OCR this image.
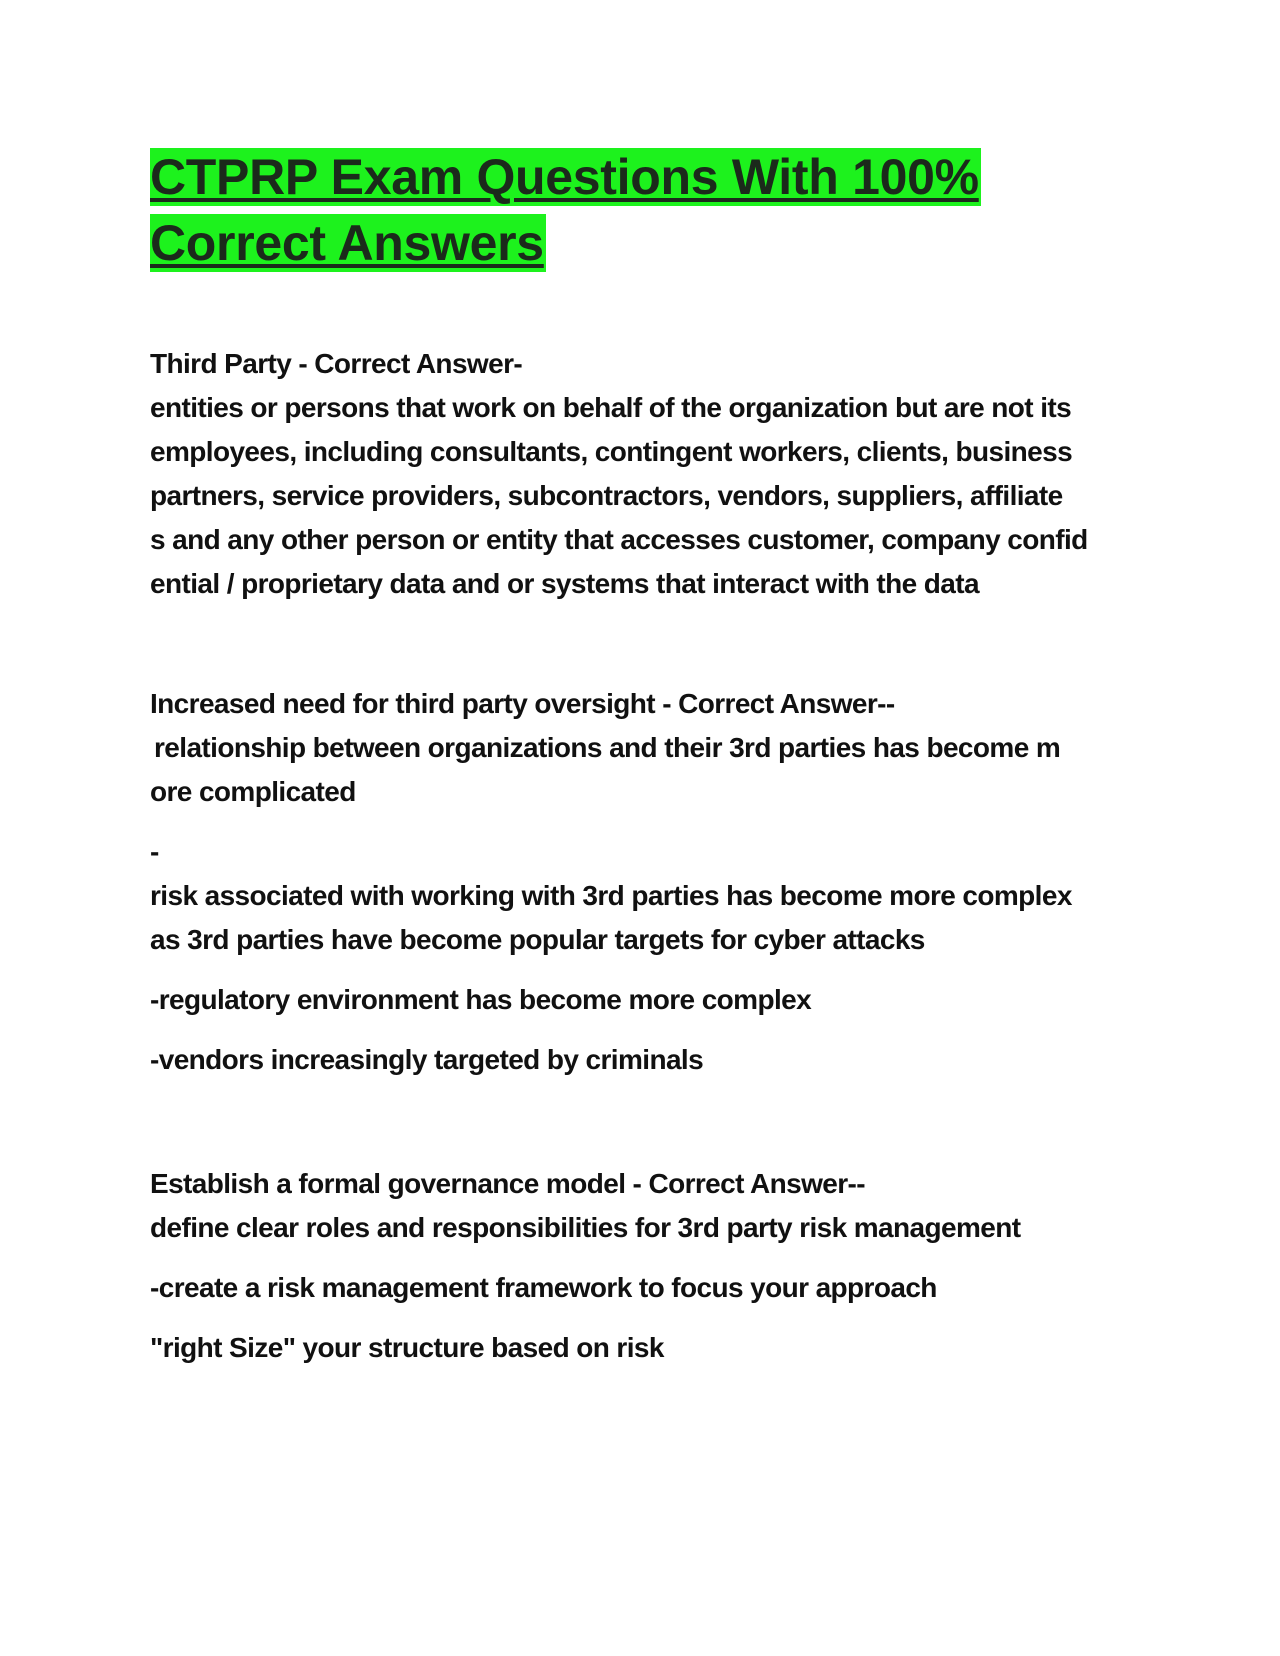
CTPRP Exam Questions With 100%
Correct Answers

Third Party - Correct Answer-

entities or persons that work on behalf of the organization but are not its

employees, including consultants, contingent workers, clients, business

partners, service providers, subcontractors, vendors, suppliers, affiliate

s and any other person or entity that accesses customer, company confid

ential / proprietary data and or systems that interact with the data

Increased need for third party oversight - Correct Answer--

relationship between organizations and their 3rd parties has become m

ore complicated

-

risk associated with working with 3rd parties has become more complex

as 3rd parties have become popular targets for cyber attacks

-regulatory environment has become more complex

-vendors increasingly targeted by criminals

Establish a formal governance model - Correct Answer--

define clear roles and responsibilities for 3rd party risk management

-create a risk management framework to focus your approach

"right Size" your structure based on risk
